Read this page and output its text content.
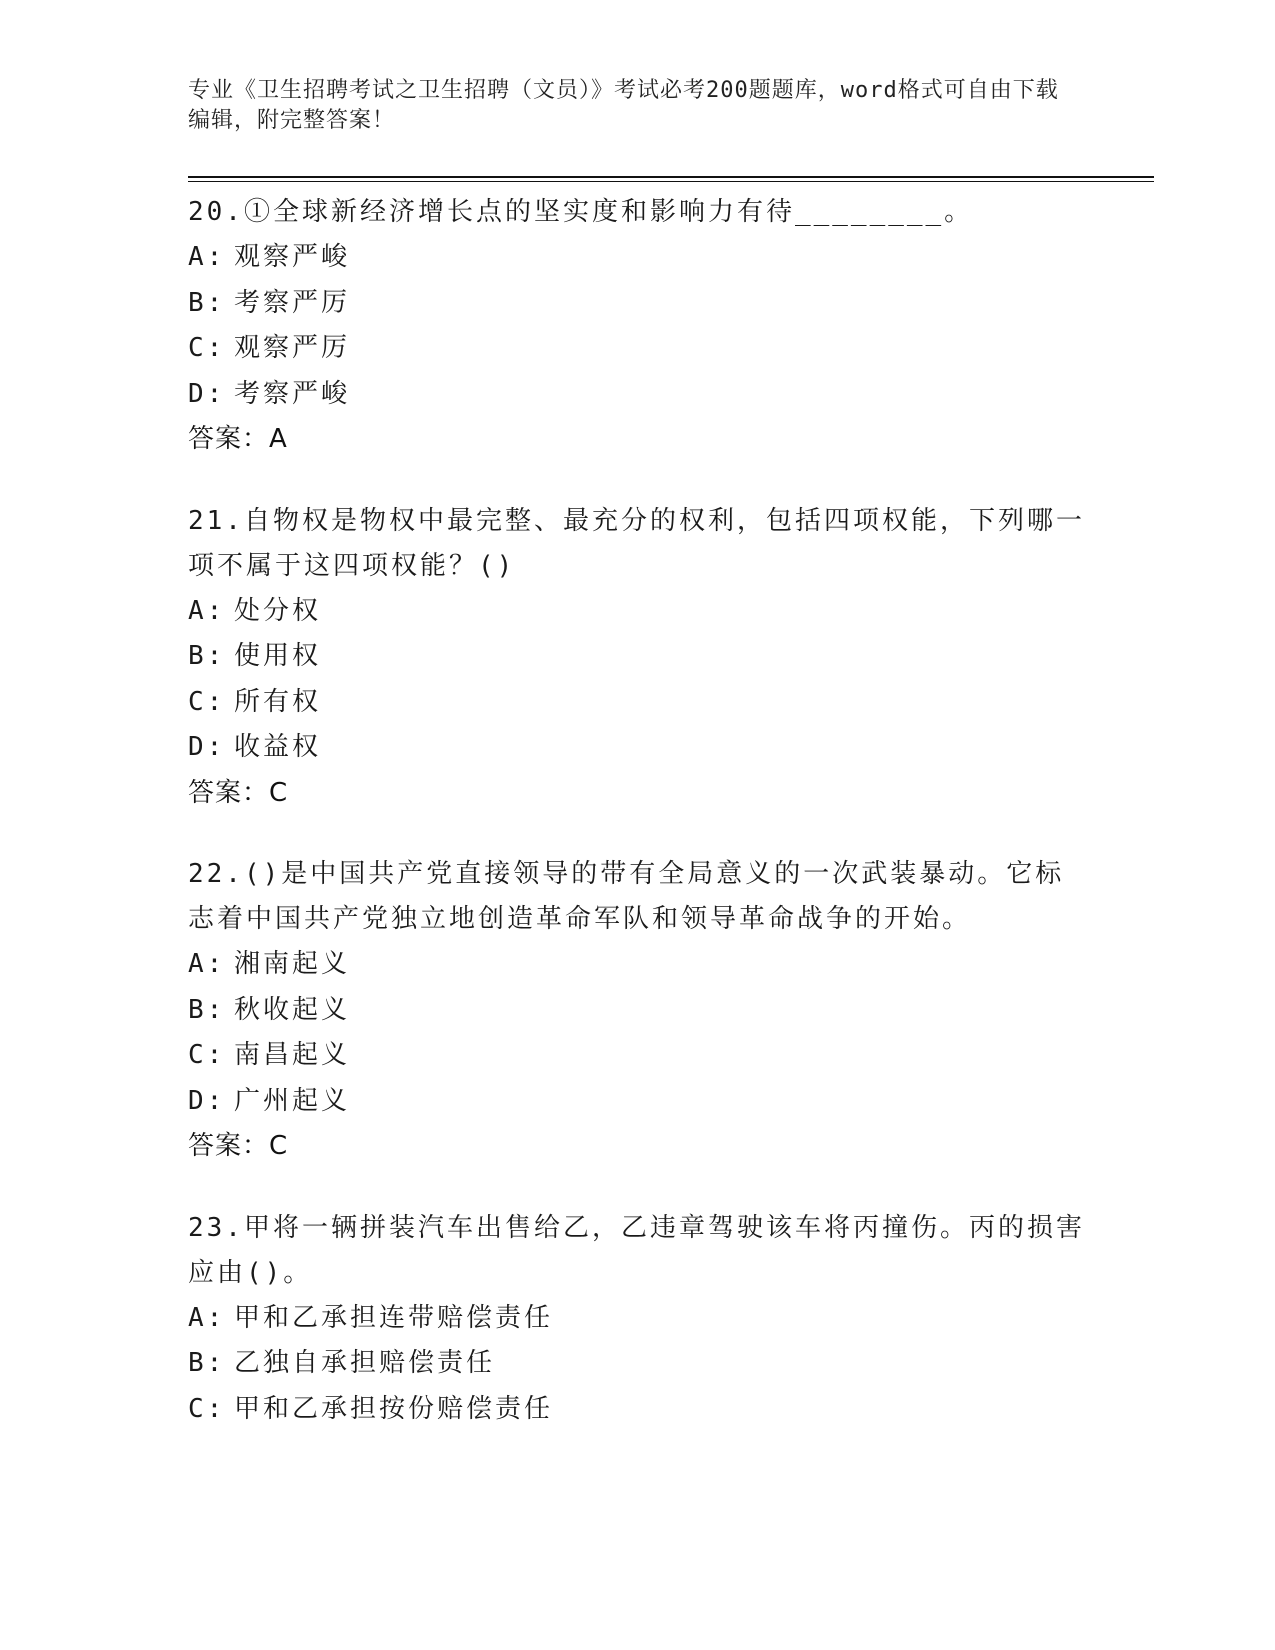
专业《卫生招聘考试之卫生招聘（文员）》考试必考200题题库，word格式可自由下载编辑，附完整答案！
20.①全球新经济增长点的坚实度和影响力有待________。
A: 观察严峻
B: 考察严厉
C: 观察严厉
D: 考察严峻
答案：A
21.自物权是物权中最完整、最充分的权利，包括四项权能，下列哪一项不属于这四项权能？()
A: 处分权
B: 使用权
C: 所有权
D: 收益权
答案：C
22.()是中国共产党直接领导的带有全局意义的一次武装暴动。它标志着中国共产党独立地创造革命军队和领导革命战争的开始。
A: 湘南起义
B: 秋收起义
C: 南昌起义
D: 广州起义
答案：C
23.甲将一辆拼装汽车出售给乙，乙违章驾驶该车将丙撞伤。丙的损害应由()。
A: 甲和乙承担连带赔偿责任
B: 乙独自承担赔偿责任
C: 甲和乙承担按份赔偿责任
